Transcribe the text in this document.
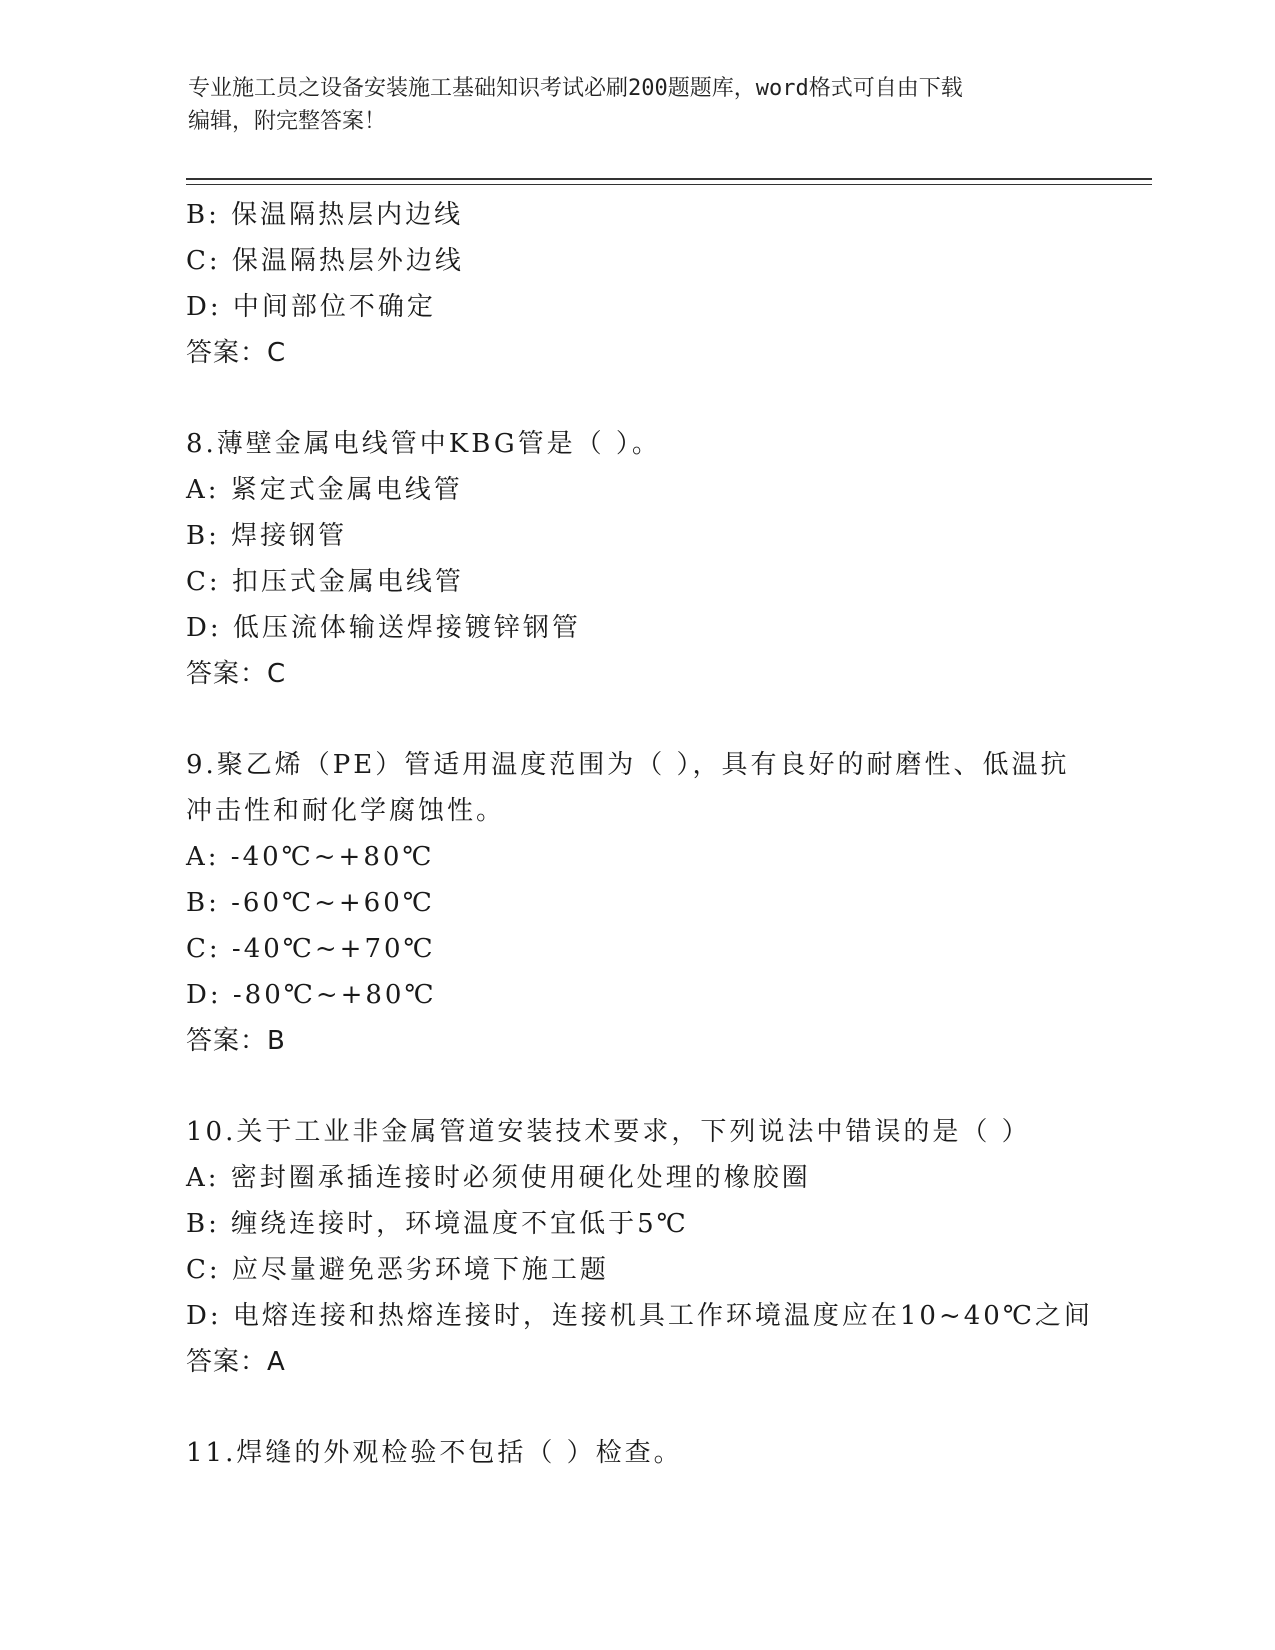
专业施工员之设备安装施工基础知识考试必刷200题题库，word格式可自由下载
编辑，附完整答案！
B: 保温隔热层内边线
C: 保温隔热层外边线
D: 中间部位不确定
答案：C
8.薄壁金属电线管中KBG管是（ ）。
A: 紧定式金属电线管
B: 焊接钢管
C: 扣压式金属电线管
D: 低压流体输送焊接镀锌钢管
答案：C
9.聚乙烯（PE）管适用温度范围为（ ），具有良好的耐磨性、低温抗
冲击性和耐化学腐蚀性。
A: -40℃~+80℃
B: -60℃~+60℃
C: -40℃~+70℃
D: -80℃~+80℃
答案：B
10.关于工业非金属管道安装技术要求，下列说法中错误的是（ ）
A: 密封圈承插连接时必须使用硬化处理的橡胶圈
B: 缠绕连接时，环境温度不宜低于5℃
C: 应尽量避免恶劣环境下施工题
D: 电熔连接和热熔连接时，连接机具工作环境温度应在10~40℃之间
答案：A
11.焊缝的外观检验不包括（ ）检查。
